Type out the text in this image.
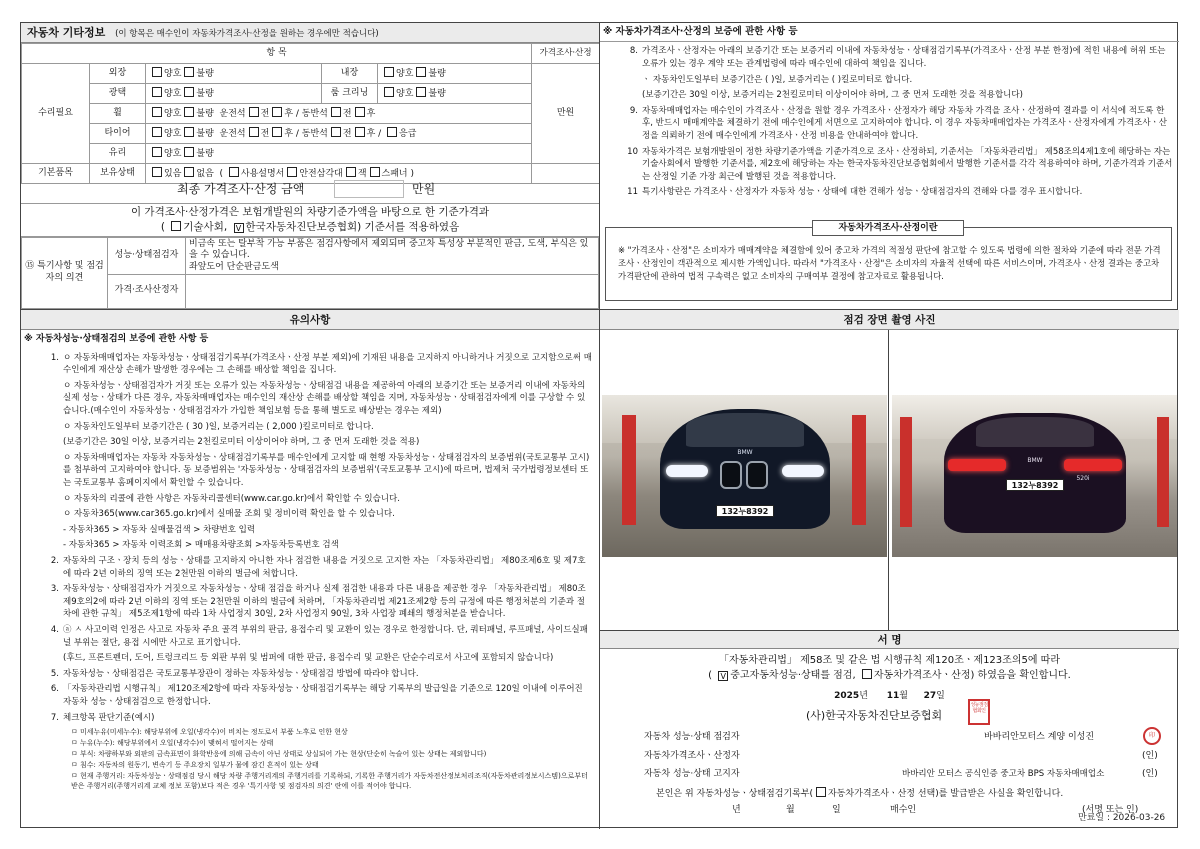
자동차 기타정보 (이 항목은 매수인이 자동차가격조사·산정을 원하는 경우에만 적습니다)
항 목					가격조사·산정
수리필요	외장	양호 불량	내장	양호 불량	만원
	광택	양호 불량	룸 크리닝	양호 불량	
	휠	양호 불량 운전석 전 후 / 동반석 전 후			
	타이어	양호 불량 운전석 전 후 / 동반석 전 후 / 응급			
	유리	양호 불량			
기본품목	보유상태	있음 없음  ( 사용설명서 안전삼각대 잭 스패너 )			
최종 가격조사·산정 금액	만원
이 가격조사·산정가격은 보험개발원의 차량기준가액을 바탕으로 한 기준가격과
( 기술사회, V 한국자동차진단보증협회) 기준서를 적용하였음
⑮ 특기사항 및 점검자의 의견	성능·상태점검자	비금속 또는 탈부착 가능 부품은 점검사항에서 제외되며 중고차 특성상 부분적인 판금, 도색, 부식은 있을 수 있습니다.
좌앞도어 단순판금도색

	가격·조사산정자	
※ 자동차가격조사·산정의 보증에 관한 사항 등
8. 가격조사ㆍ산정자는 아래의 보증기간 또는 보증거리 이내에 자동차성능ㆍ상태점검기록부(가격조사ㆍ산정 부분 한정)에 적힌 내용에 허위 또는 오류가 있는 경우 계약 또는 관계법령에 따라 매수인에 대하여 책임을 집니다.
ㆍ 자동차인도일부터 보증기간은 ( )일, 보증거리는 ( )킬로미터로 합니다.
(보증기간은 30일 이상, 보증거리는 2천킬로미터 이상이어야 하며, 그 중 먼저 도래한 것을 적용합니다)
9. 자동차매매업자는 매수인이 가격조사ㆍ산정을 원할 경우 가격조사ㆍ산정자가 해당 자동차 가격을 조사ㆍ산정하여 결과를 이 서식에 적도록 한 후, 반드시 매매계약을 체결하기 전에 매수인에게 서면으로 고지하여야 합니다. 이 경우 자동차매매업자는 가격조사ㆍ산정자에게 가격조사ㆍ산정을 의뢰하기 전에 매수인에게 가격조사ㆍ산정 비용을 안내하여야 합니다.
10 자동차가격은 보험개발원이 정한 차량기준가액을 기준가격으로 조사ㆍ산정하되, 기준서는 「자동차관리법」 제58조의4제1호에 해당하는 자는 기술사회에서 발행한 기준서를, 제2호에 해당하는 자는 한국자동차진단보증협회에서 발행한 기준서를 각각 적용하여야 하며, 기준가격과 기준서는 산정일 기준 가장 최근에 발행된 것을 적용합니다.
11 특기사항란은 가격조사ㆍ산정자가 자동차 성능ㆍ상태에 대한 견해가 성능ㆍ상태점검자의 견해와 다를 경우 표시합니다.
자동차가격조사·산정이란
※ "가격조사ㆍ산정"은 소비자가 매매계약을 체결함에 있어 중고차 가격의 적절성 판단에 참고할 수 있도록 법령에 의한 절차와 기준에 따라 전문 가격조사ㆍ산정인이 객관적으로 제시한 가액입니다. 따라서 "가격조사ㆍ산정"은 소비자의 자율적 선택에 따른 서비스이며, 가격조사ㆍ산정 결과는 중고차 가격판단에 관하여 법적 구속력은 없고 소비자의 구매여부 결정에 참고자료로 활용됩니다.
유의사항
※ 자동차성능·상태점검의 보증에 관한 사항 등
1. ㅇ 자동차매매업자는 자동차성능ㆍ상태점검기록부(가격조사ㆍ산정 부분 제외)에 기재된 내용을 고지하지 아니하거나 거짓으로 고지함으로써 매수인에게 재산상 손해가 발생한 경우에는 그 손해를 배상할 책임을 집니다.
ㅇ 자동차성능ㆍ상태점검자가 거짓 또는 오류가 있는 자동차성능ㆍ상태점검 내용을 제공하여 아래의 보증기간 또는 보증거리 이내에 자동차의 실제 성능ㆍ상태가 다른 경우, 자동차매매업자는 매수인의 재산상 손해를 배상할 책임을 지며, 자동차성능ㆍ상태점검자에게 이를 구상할 수 있습니다.(매수인이 자동차성능ㆍ상태점검자가 가입한 책임보험 등을 통해 별도로 배상받는 경우는 제외)
ㅇ 자동차인도일부터 보증기간은 ( 30 )일, 보증거리는 ( 2,000 )킬로미터로 합니다.
(보증기간은 30일 이상, 보증거리는 2천킬로미터 이상이어야 하며, 그 중 먼저 도래한 것을 적용)
ㅇ 자동차매매업자는 자동차 자동차성능ㆍ상태점검기록부를 매수인에게 고지할 때 현행 자동차성능ㆍ상태점검자의 보증범위(국토교통부 고시)를 첨부하여 고지하여야 합니다. 동 보증범위는 '자동차성능ㆍ상태점검자의 보증범위'(국토교통부 고시)에 따르며, 법제처 국가법령정보센터 또는 국토교통부 홈페이지에서 확인할 수 있습니다.
ㅇ 자동차의 리콜에 관한 사항은 자동차리콜센터(www.car.go.kr)에서 확인할 수 있습니다.
ㅇ 자동차365(www.car365.go.kr)에서 실매물 조회 및 정비이력 확인을 할 수 있습니다.
- 자동차365 > 자동차 실매물검색 > 차량번호 입력
- 자동차365 > 자동차 이력조회 > 매매용차량조회 >자동차등록번호 검색
2. 자동차의 구조ㆍ장치 등의 성능ㆍ상태를 고지하지 아니한 자나 점검한 내용을 거짓으로 고지한 자는 「자동차관리법」 제80조제6호 및 제7호에 따라 2년 이하의 징역 또는 2천만원 이하의 벌금에 처합니다.
3. 자동차성능ㆍ상태점검자가 거짓으로 자동차성능ㆍ상태 점검을 하거나 실제 점검한 내용과 다른 내용을 제공한 경우 「자동차관리법」 제80조제9호의2에 따라 2년 이하의 징역 또는 2천만원 이하의 벌금에 처하며, 「자동차관리법 제21조제2항 등의 규정에 따른 행정처분의 기준과 절차에 관한 규칙」 제5조제1항에 따라 1차 사업정지 30일, 2차 사업정지 90일, 3차 사업장 폐쇄의 행정처분을 받습니다.
4. ⓐ ㅅ 사고이력 인정은 사고로 자동차 주요 골격 부위의 판금, 용접수리 및 교환이 있는 경우로 한정합니다. 단, 쿼터패널, 루프패널, 사이드실패널 부위는 절단, 용접 시에만 사고로 표기합니다.
(후드, 프론트펜더, 도어, 트렁크리드 등 외판 부위 및 범퍼에 대한 판금, 용접수리 및 교환은 단순수리로서 사고에 포함되지 않습니다)
5. 자동차성능ㆍ상태점검은 국토교통부장관이 정하는 자동차성능ㆍ상태점검 방법에 따라야 합니다.
6. 「자동차관리법 시행규칙」 제120조제2항에 따라 자동차성능ㆍ상태점검기록부는 해당 기록부의 발급일을 기준으로 120일 이내에 이루어진 자동차 성능ㆍ상태점검으로 한정합니다.
7. 체크항목 판단기준(예시)
ㅁ 미세누유(미세누수): 해당부위에 오일(냉각수)이 비치는 정도로서 부품 노후로 인한 현상
ㅁ 누유(누수): 해당부위에서 오일(냉각수)이 맺혀서 떨어지는 상태
ㅁ 부식: 차량하부와 외판의 금속표면이 화학반응에 의해 금속이 아닌 상태로 상실되어 가는 현상(단순히 녹슬어 있는 상태는 제외합니다)
ㅁ 침수: 자동차의 원동기, 변속기 등 주요장치 일부가 물에 잠긴 흔적이 있는 상태
ㅁ 현재 주행거리: 자동차성능ㆍ상태점검 당시 해당 차량 주행거리계의 주행거리를 기록하되, 기록한 주행거리가 자동차전산정보처리조직(자동차관리정보시스템)으로부터 받은 주행거리(주행거리계 교체 정보 포함)보다 적은 경우 '특기사항 및 점검자의 의견' 란에 이를 적어야 합니다.
점검 장면 촬영 사진
BMW
132누8392
BMW
520i
132누8392
서 명
「자동차관리법」 제58조 및 같은 법 시행규칙 제120조ㆍ제123조의5에 따라
( V 중고자동차성능·상태를 점검, 자동차가격조사ㆍ산정) 하였음을 확인합니다.
2025년 11월 27일
(사)한국자동차진단보증협회
성능점검협회인
자동차 성능·상태 점검자	바바리안모터스 계양 이성진	印
자동차가격조사ㆍ산정자	(인)
자동차 성능·상태 고지자	바바리안 모터스 공식인증 중고차 BPS 자동차매매업소	(인)
본인은 위 자동차성능ㆍ상태점검기록부( 자동차가격조사ㆍ산정 선택)를 발급받은 사실을 확인합니다.
년	월	일	매수인	(서명 또는 인)
만료일 : 2026-03-26
